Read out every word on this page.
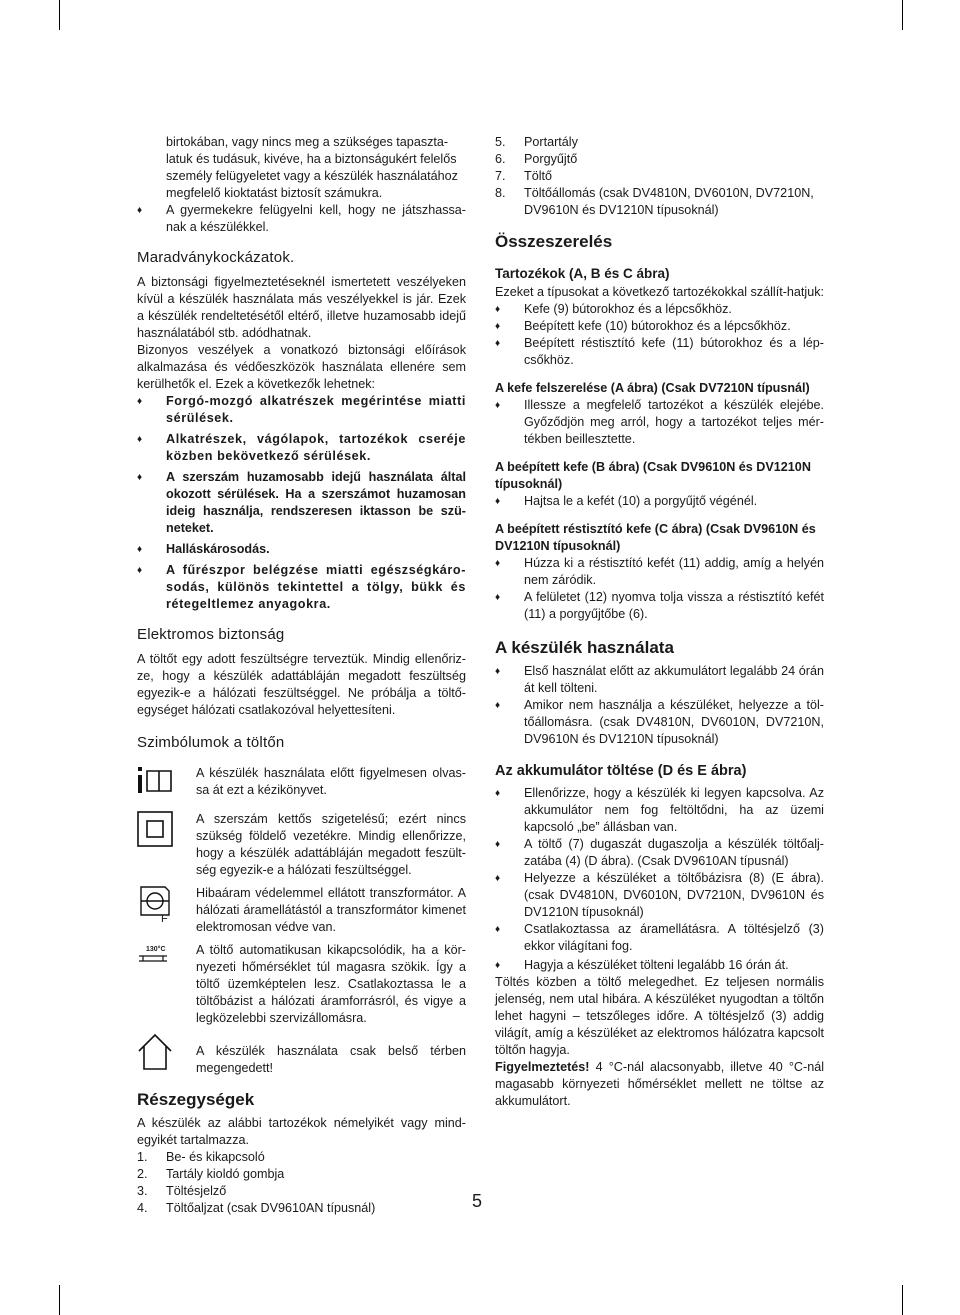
birtokában, vagy nincs meg a szükséges tapaszta-
latuk és tudásuk, kivéve, ha a biztonságukért felelős
személy felügyeletet vagy a készülék használatához
megfelelő kioktatást biztosít számukra.
♦ A gyermekekre felügyelni kell, hogy ne játszhassa-nak a készülékkel.
Maradványkockázatok.

A biztonsági figyelmeztetéseknél ismertetett veszélyeken kívül a készülék használata más veszélyekkel is jár. Ezek a készülék rendeltetésétől eltérő, illetve huzamosabb idejű használatából stb. adódhatnak.

Bizonyos veszélyek a vonatkozó biztonsági előírások alkalmazása és védőeszközök használata ellenére sem kerülhetők el. Ezek a következők lehetnek:

♦ Forgó-mozgó alkatrészek megérintése miatti sérülések.
♦ Alkatrészek, vágólapok, tartozékok cseréje közben bekövetkező sérülések.
♦ A szerszám huzamosabb idejű használata által okozott sérülések. Ha a szerszámot huzamosan ideig használja, rendszeresen iktasson be szü-neteket.
♦ Halláskárosodás.
♦ A fűrészpor belégzése miatti egészségkáro-sodás, különös tekintettel a tölgy, bükk és rétegeltlemez anyagokra.
Elektromos biztonság

A töltőt egy adott feszültségre terveztük. Mindig ellenőriz-ze, hogy a készülék adattábláján megadott feszültség egyezik-e a hálózati feszültséggel. Ne próbálja a töltő-egységet hálózati csatlakozóval helyettesíteni.

Szimbólumok a töltőn
A készülék használata előtt figyelmesen olvas-sa át ezt a kézikönyvet.
A szerszám kettős szigetelésű; ezért nincs szükség földelő vezetékre. Mindig ellenőrizze, hogy a készülék adattábláján megadott feszült-ség egyezik-e a hálózati feszültséggel.
F
Hibaáram védelemmel ellátott transzformátor. A hálózati áramellátástól a transzformátor kimenet elektromosan védve van.
130°C A töltő automatikusan kikapcsolódik, ha a kör-nyezeti hőmérséklet túl magasra szökik. Így a töltő üzemképtelen lesz. Csatlakoztassa le a töltőbázist a hálózati áramforrásról, és vigye a legközelebbi szervizállomásra.
A készülék használata csak belső térben megengedett!
Részegységek

A készülék az alábbi tartozékok némelyikét vagy mind-egyikét tartalmazza.

1. Be- és kikapcsoló
2. Tartály kioldó gombja
3. Töltésjelző
4. Töltőaljzat (csak DV9610AN típusnál)
5. Portartály
6. Porgyűjtő
7. Töltő
8. Töltőállomás (csak DV4810N, DV6010N, DV7210N, DV9610N és DV1210N típusoknál)
Összeszerelés
Tartozékok (A, B és C ábra)

Ezeket a típusokat a következő tartozékokkal szállít-hatjuk:

♦ Kefe (9) bútorokhoz és a lépcsőkhöz.
♦ Beépített kefe (10) bútorokhoz és a lépcsőkhöz.
♦ Beépített réstisztító kefe (11) bútorokhoz és a lép-csőkhöz.
A kefe felszerelése (A ábra) (Csak DV7210N típusnál)
♦ Illessze a megfelelő tartozékot a készülék elejébe. Győződjön meg arról, hogy a tartozékot teljes mér-tékben beillesztette.
A beépített kefe (B ábra) (Csak DV9610N és DV1210N típusoknál)
♦ Hajtsa le a kefét (10) a porgyűjtő végénél.
A beépített réstisztító kefe (C ábra) (Csak DV9610N és DV1210N típusoknál)
♦ Húzza ki a réstisztító kefét (11) addig, amíg a helyén nem záródik.
♦ A felületet (12) nyomva tolja vissza a réstisztító kefét (11) a porgyűjtőbe (6).
A készülék használata
♦ Első használat előtt az akkumulátort legalább 24 órán át kell tölteni.
♦ Amikor nem használja a készüléket, helyezze a töl-tőállomásra. (csak DV4810N, DV6010N, DV7210N, DV9610N és DV1210N típusoknál)
Az akkumulátor töltése (D és E ábra)
♦ Ellenőrizze, hogy a készülék ki legyen kapcsolva. Az akkumulátor nem fog feltöltődni, ha az üzemi kapcsoló „be” állásban van.
♦ A töltő (7) dugaszát dugaszolja a készülék töltőalj-zatába (4) (D ábra). (Csak DV9610AN típusnál)
♦ Helyezze a készüléket a töltőbázisra (8) (E ábra). (csak DV4810N, DV6010N, DV7210N, DV9610N és DV1210N típusoknál)
♦ Csatlakoztassa az áramellátásra. A töltésjelző (3) ekkor világítani fog.
♦ Hagyja a készüléket tölteni legalább 16 órán át.

Töltés közben a töltő melegedhet. Ez teljesen normális jelenség, nem utal hibára. A készüléket nyugodtan a töltőn lehet hagyni – tetszőleges időre. A töltésjelző (3) addig világít, amíg a készüléket az elektromos hálózatra kapcsolt töltőn hagyja.

Figyelmeztetés! 4 °C-nál alacsonyabb, illetve 40 °C-nál magasabb környezeti hőmérséklet mellett ne töltse az akkumulátort.

5
